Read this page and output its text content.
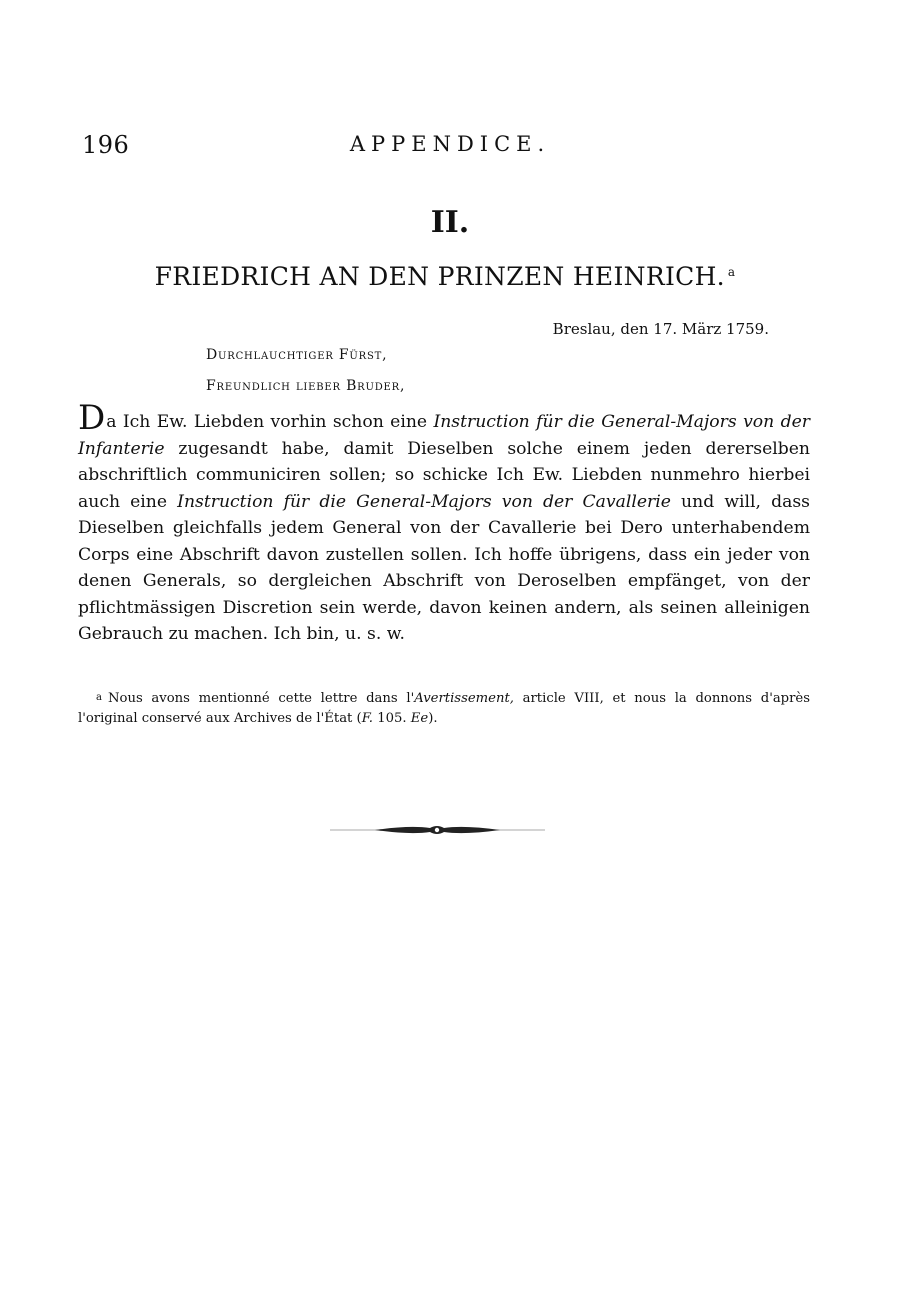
196	APPENDICE.
II.
FRIEDRICH AN DEN PRINZEN HEINRICH. $^a$
Breslau, den 17. März 1759.
Durchlauchtiger Fürst,
Freundlich lieber Bruder,
Da Ich Ew. Liebden vorhin schon eine Instruction für die General-Majors von der Infanterie zugesandt habe, damit Dieselben solche einem jeden dererselben abschriftlich communiciren sollen; so schicke Ich Ew. Liebden nunmehro hierbei auch eine Instruction für die General-Majors von der Cavallerie und will, dass Dieselben gleichfalls jedem General von der Cavallerie bei Dero unterhabendem Corps eine Abschrift davon zustellen sollen. Ich hoffe übrigens, dass ein jeder von denen Generals, so dergleichen Abschrift von Deroselben empfänget, von der pflichtmässigen Discretion sein werde, davon keinen andern, als seinen alleinigen Gebrauch zu machen. Ich bin, u. s. w.
a Nous avons mentionné cette lettre dans l'Avertissement, article VIII, et nous la donnons d'après l'original conservé aux Archives de l'État (F. 105. Ee).
